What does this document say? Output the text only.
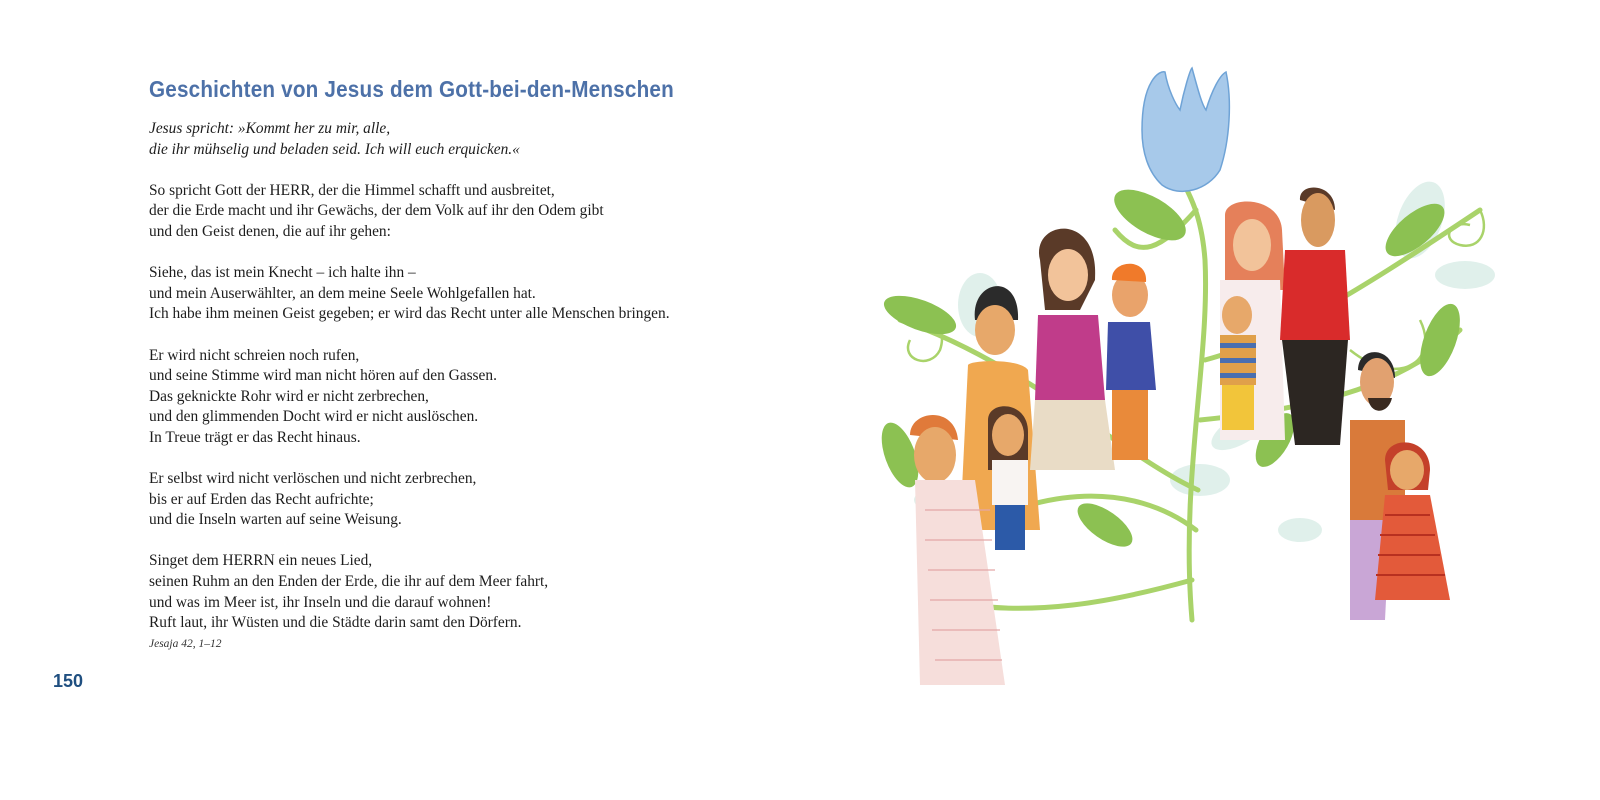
Geschichten von Jesus dem Gott-bei-den-Menschen

Jesus spricht: »Kommt her zu mir, alle,
die ihr mühselig und beladen seid. Ich will euch erquicken.«

So spricht Gott der HERR, der die Himmel schafft und ausbreitet,
der die Erde macht und ihr Gewächs, der dem Volk auf ihr den Odem gibt
und den Geist denen, die auf ihr gehen:

Siehe, das ist mein Knecht – ich halte ihn –
und mein Auserwählter, an dem meine Seele Wohlgefallen hat.
Ich habe ihm meinen Geist gegeben; er wird das Recht unter alle Menschen bringen.

Er wird nicht schreien noch rufen,
und seine Stimme wird man nicht hören auf den Gassen.
Das geknickte Rohr wird er nicht zerbrechen,
und den glimmenden Docht wird er nicht auslöschen.
In Treue trägt er das Recht hinaus.

Er selbst wird nicht verlöschen und nicht zerbrechen,
bis er auf Erden das Recht aufrichte;
und die Inseln warten auf seine Weisung.

Singet dem HERRN ein neues Lied,
seinen Ruhm an den Enden der Erde, die ihr auf dem Meer fahrt,
und was im Meer ist, ihr Inseln und die darauf wohnen!
Ruft laut, ihr Wüsten und die Städte darin samt den Dörfern.

Jesaja 42, 1–12
150
